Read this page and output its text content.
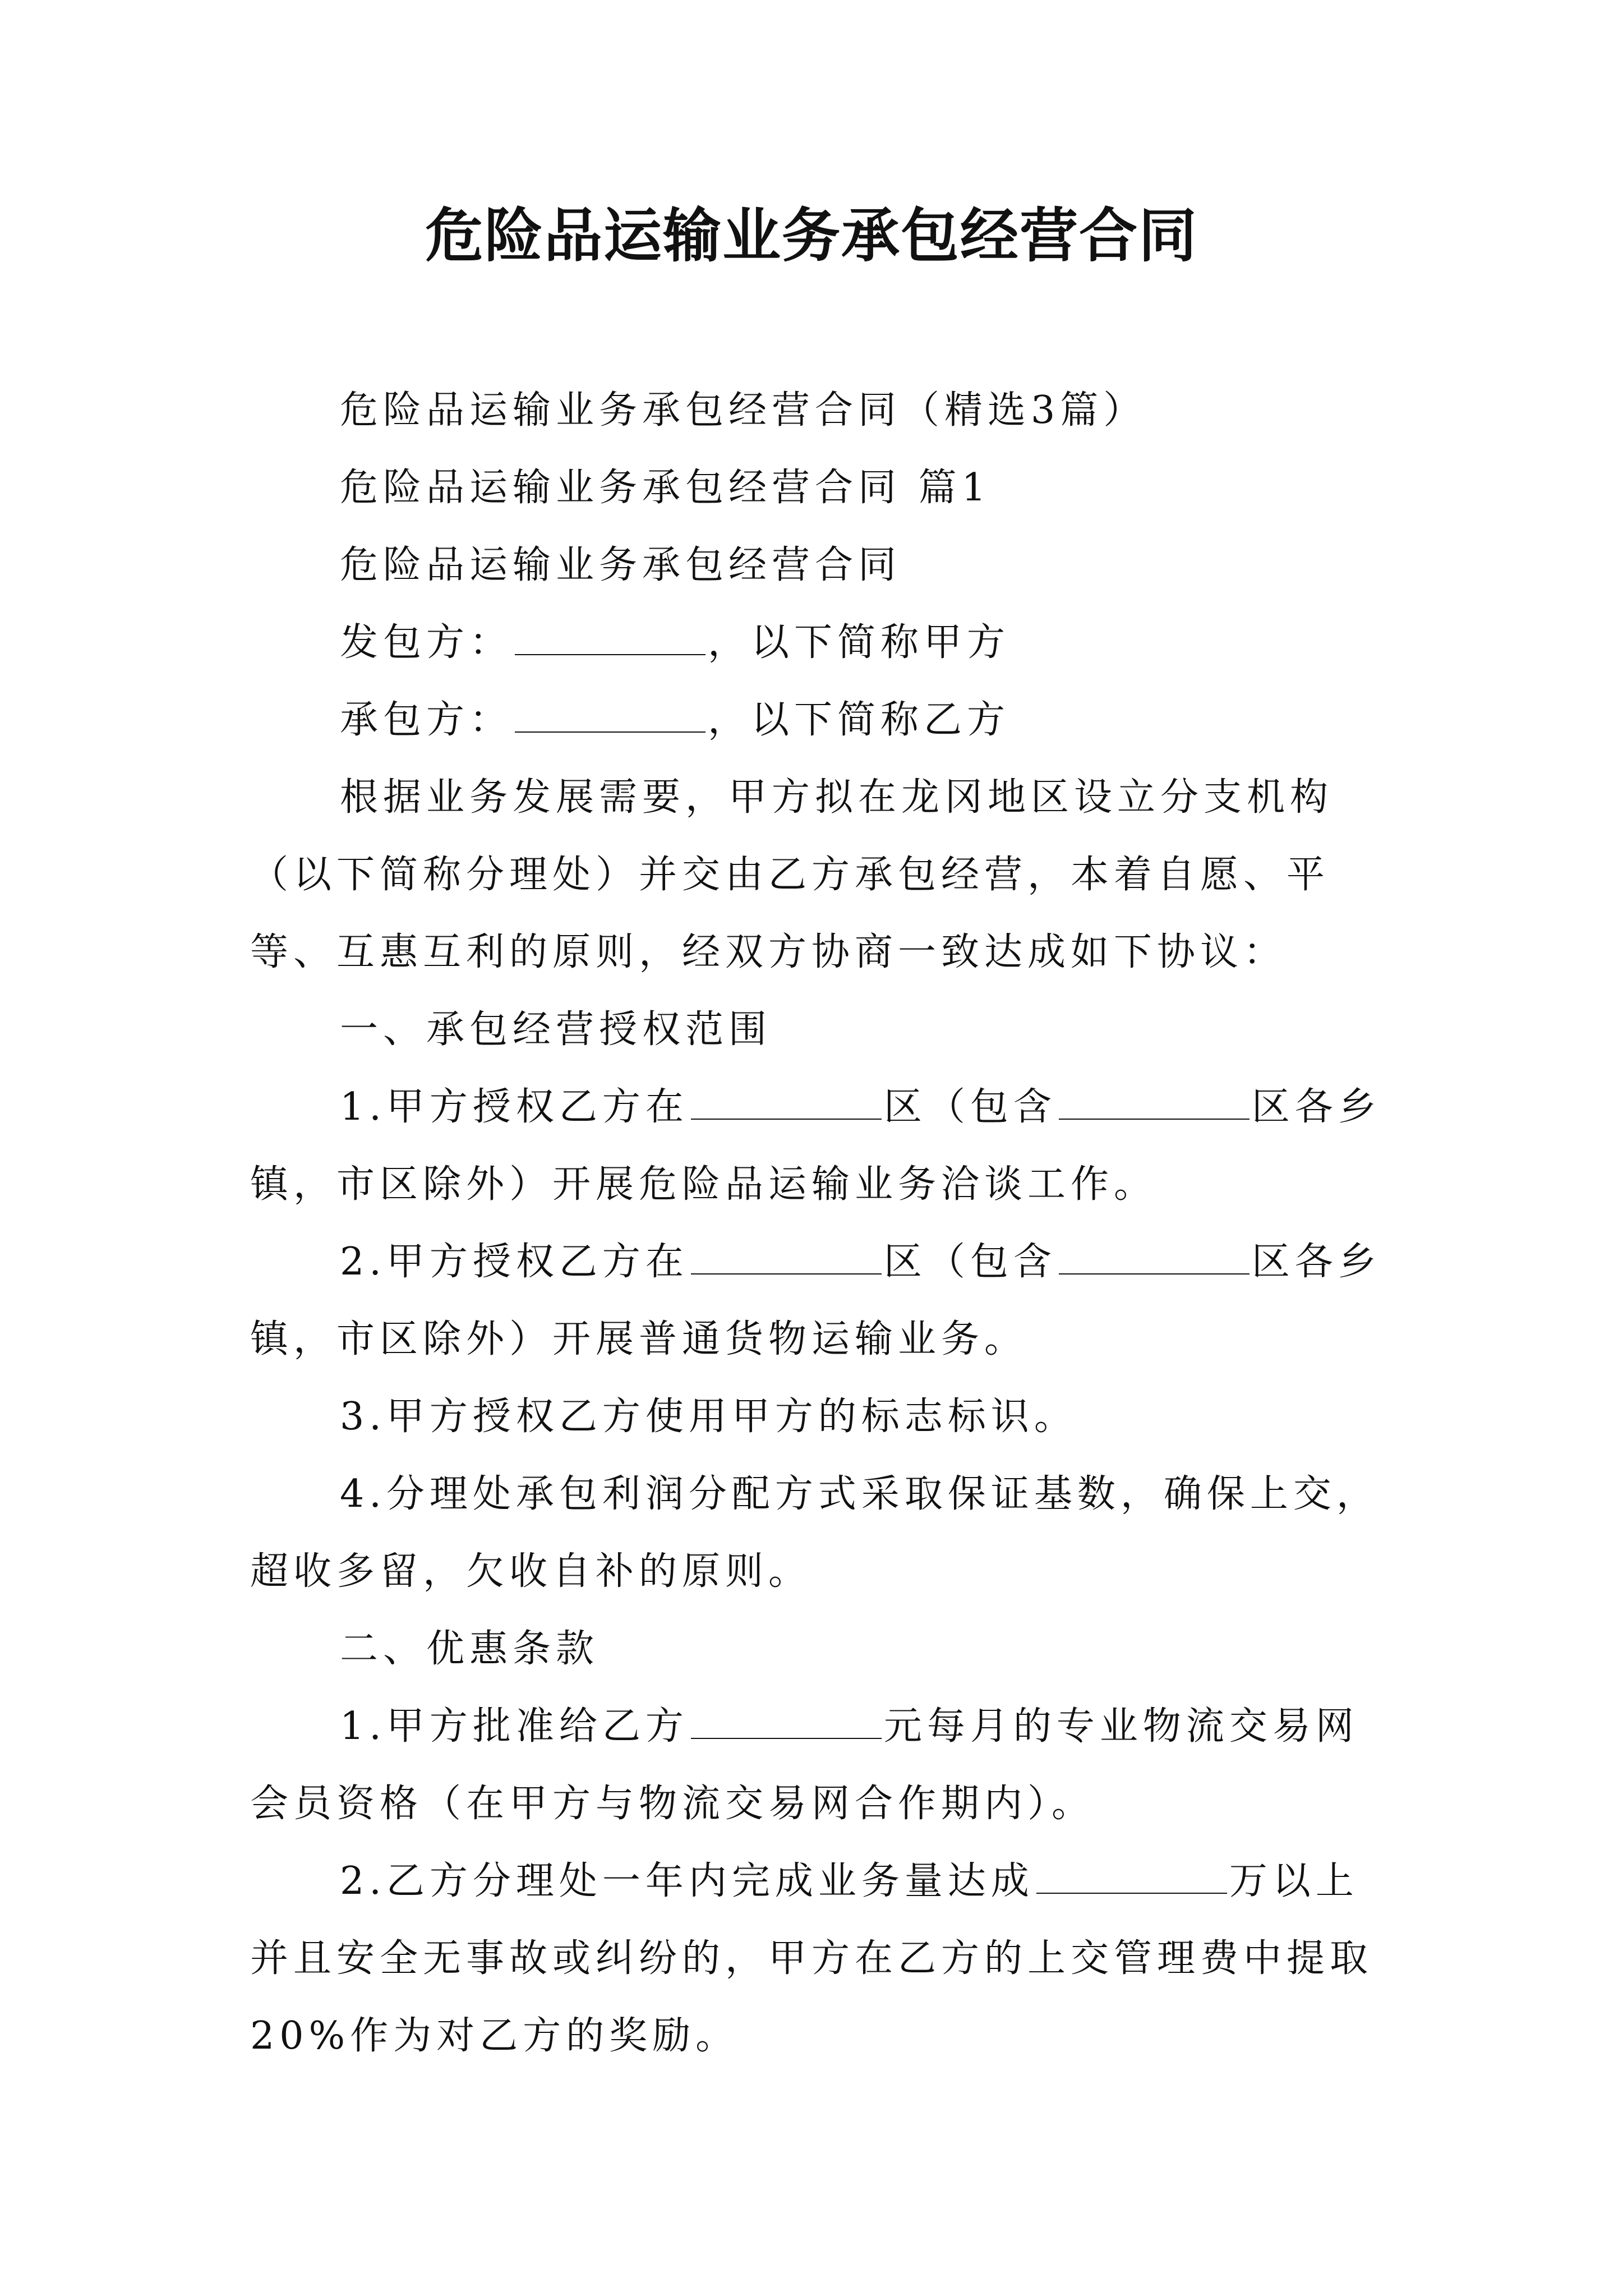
危险品运输业务承包经营合同

危险品运输业务承包经营合同（精选3篇）

危险品运输业务承包经营合同 篇1

危险品运输业务承包经营合同

发包方：	，以下简称甲方

承包方：	，以下简称乙方

根据业务发展需要，甲方拟在龙冈地区设立分支机构（以下简称分理处）并交由乙方承包经营，本着自愿、平等、互惠互利的原则，经双方协商一致达成如下协议：

一、承包经营授权范围

1.甲方授权乙方在	区（包含	区各乡镇，市区除外）开展危险品运输业务洽谈工作。

2.甲方授权乙方在	区（包含	区各乡镇，市区除外）开展普通货物运输业务。

3.甲方授权乙方使用甲方的标志标识。

4.分理处承包利润分配方式采取保证基数，确保上交，超收多留，欠收自补的原则。

二、优惠条款

1.甲方批准给乙方	元每月的专业物流交易网会员资格（在甲方与物流交易网合作期内）。

2.乙方分理处一年内完成业务量达成	万以上并且安全无事故或纠纷的，甲方在乙方的上交管理费中提取20%作为对乙方的奖励。
